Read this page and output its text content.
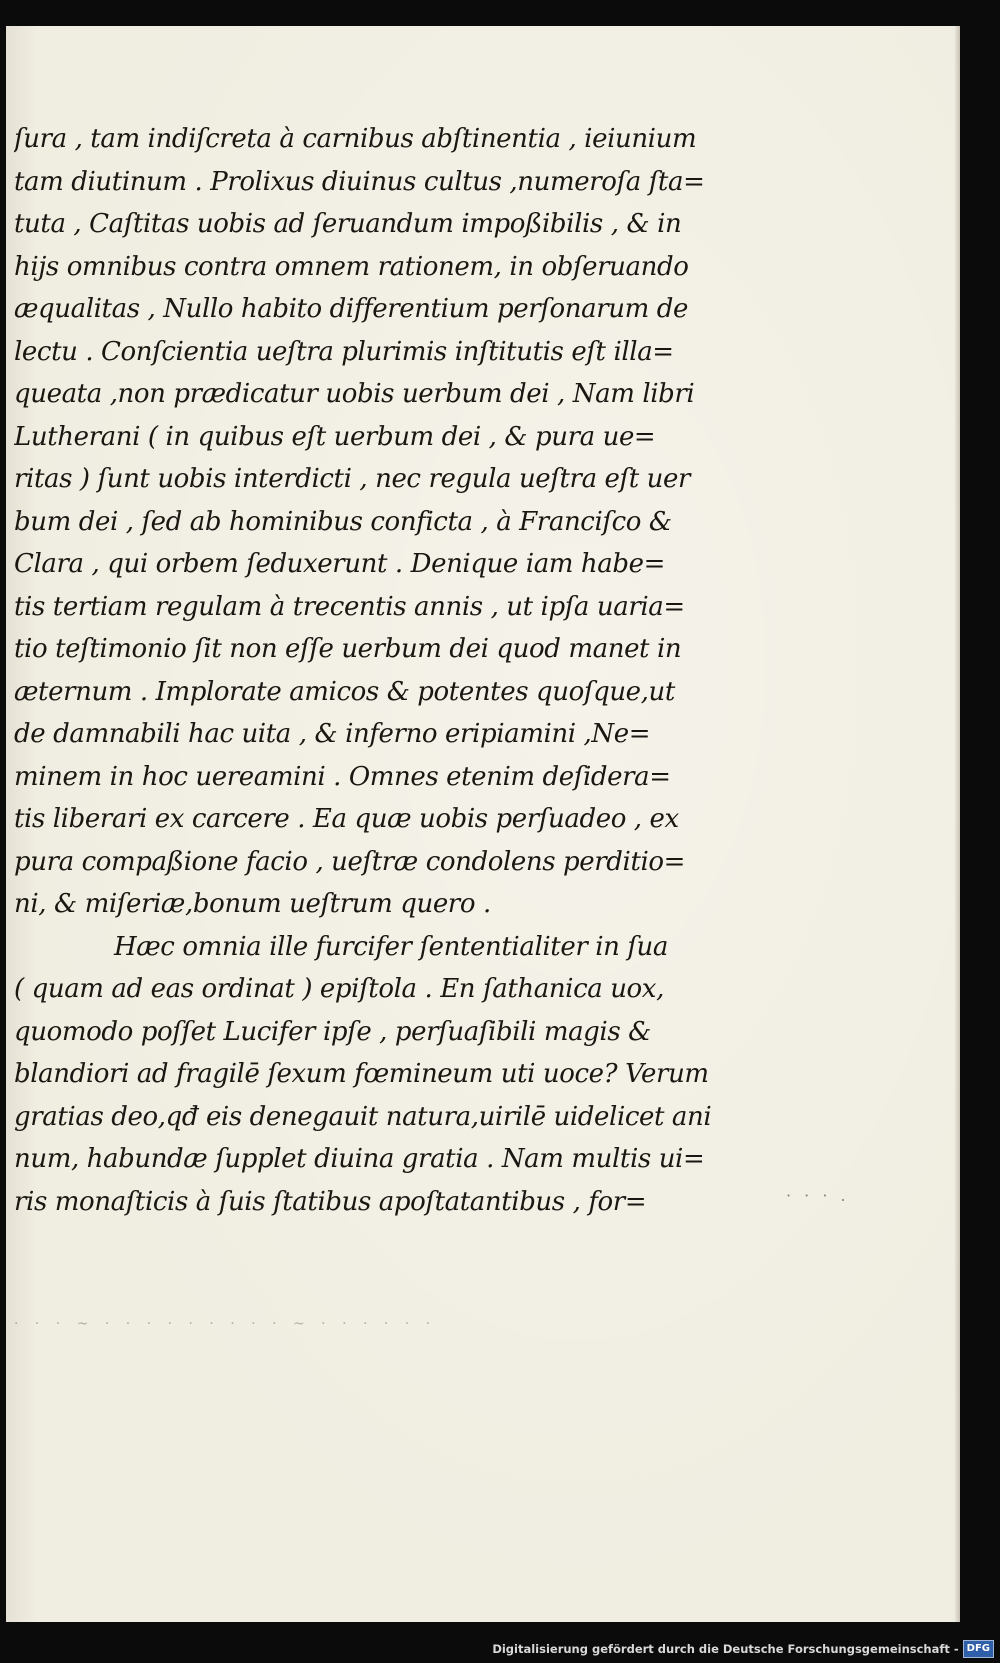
ſura , tam indiſcreta à carnibus abſtinentia , ieiunium
tam diutinum . Prolixus diuinus cultus ,numeroſa ſta=
tuta , Caſtitas uobis ad ſeruandum impoßibilis , & in
hijs omnibus contra omnem rationem, in obſeruando
æqualitas , Nullo habito differentium perſonarum de
lectu . Conſcientia ueſtra plurimis inſtitutis eſt illa=
queata ,non prædicatur uobis uerbum dei , Nam libri
Lutherani ( in quibus eſt uerbum dei , & pura ue=
ritas ) ſunt uobis interdicti , nec regula ueſtra eſt uer
bum dei , ſed ab hominibus conficta , à Franciſco &
Clara , qui orbem ſeduxerunt . Denique iam habe=
tis tertiam regulam à trecentis annis , ut ipſa uaria=
tio teſtimonio ſit non eſſe uerbum dei quod manet in
æternum . Implorate amicos & potentes quoſque,ut
de damnabili hac uita , & inferno eripiamini ,Ne=
minem in hoc uereamini . Omnes etenim deſidera=
tis liberari ex carcere . Ea quæ uobis perſuadeo , ex
pura compaßione facio , ueſtræ condolens perditio=
ni, & miſeriæ,bonum ueſtrum quero .
Hæc omnia ille furcifer ſententialiter in ſua
( quam ad eas ordinat ) epiſtola . En ſathanica uox,
quomodo poſſet Lucifer ipſe , perſuaſibili magis &
blandiori ad fragilē ſexum fœmineum uti uoce? Verum
gratias deo,qđ eis denegauit natura,uirilē uidelicet ani
num, habundæ ſupplet diuina gratia . Nam multis ui=
ris monaſticis à ſuis ſtatibus apoſtatantibus , for=
· · · ~ · · · · · · · · · ~ · · · · · ·
· · · .
Digitalisierung gefördert durch die Deutsche Forschungsgemeinschaft - DFG
